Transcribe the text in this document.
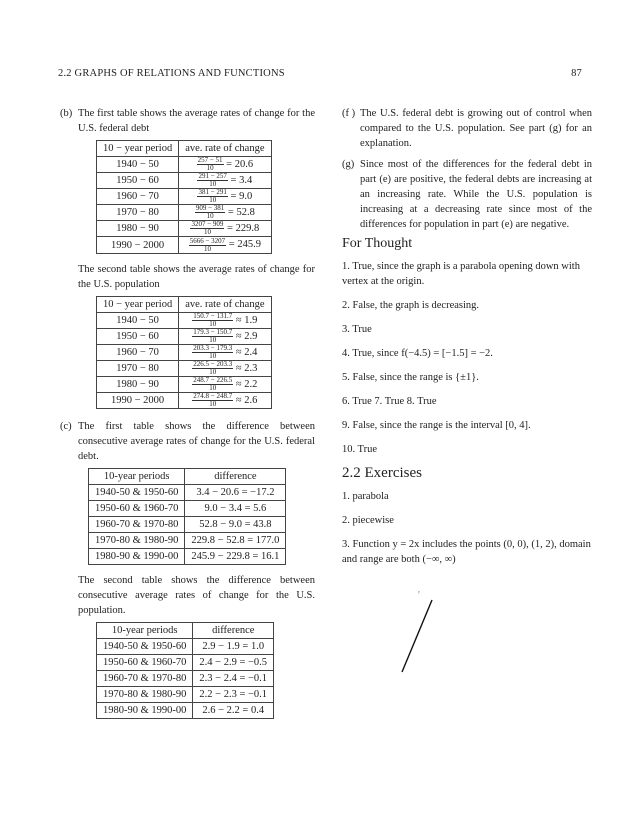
2.2 GRAPHS OF RELATIONS AND FUNCTIONS	87
(b) The first table shows the average rates of change for the U.S. federal debt
10 − year period	ave. rate of change
1940 − 50	$\frac{257 - 51}{10} = 20.6$
1950 − 60	$\frac{291 - 257}{10} = 3.4$
1960 − 70	$\frac{381 - 291}{10} = 9.0$
1970 − 80	$\frac{909 - 381}{10} = 52.8$
1980 − 90	$\frac{3207 - 909}{10} = 229.8$
1990 − 2000	$\frac{5666 - 3207}{10} = 245.9$
The second table shows the average rates of change for the U.S. population
10 − year period	ave. rate of change
1940 − 50	$\frac{150.7 - 131.7}{10} \approx 1.9$
1950 − 60	$\frac{179.3 - 150.7}{10} \approx 2.9$
1960 − 70	$\frac{203.3 - 179.3}{10} \approx 2.4$
1970 − 80	$\frac{226.5 - 203.3}{10} \approx 2.3$
1980 − 90	$\frac{248.7 - 226.5}{10} \approx 2.2$
1990 − 2000	$\frac{274.8 - 248.7}{10} \approx 2.6$
(c) The first table shows the difference between consecutive average rates of change for the U.S. federal debt.
10-year periods	difference
1940-50 & 1950-60	3.4 − 20.6 = −17.2
1950-60 & 1960-70	9.0 − 3.4 = 5.6
1960-70 & 1970-80	52.8 − 9.0 = 43.8
1970-80 & 1980-90	229.8 − 52.8 = 177.0
1980-90 & 1990-00	245.9 − 229.8 = 16.1
The second table shows the difference between consecutive average rates of change for the U.S. population.
10-year periods	difference
1940-50 & 1950-60	2.9 − 1.9 = 1.0
1950-60 & 1960-70	2.4 − 2.9 = −0.5
1960-70 & 1970-80	2.3 − 2.4 = −0.1
1970-80 & 1980-90	2.2 − 2.3 = −0.1
1980-90 & 1990-00	2.6 − 2.2 = 0.4
(f ) The U.S. federal debt is growing out of control when compared to the U.S. population. See part (g) for an explanation.
(g) Since most of the differences for the federal debt in part (e) are positive, the federal debts are increasing at an increasing rate. While the U.S. population is increasing at a decreasing rate since most of the differences for population in part (e) are negative.
For Thought
1. True, since the graph is a parabola opening down with vertex at the origin.
2. False, the graph is decreasing.
3. True
4. True, since f(−4.5) = [−1.5] = −2.
5. False, since the range is {±1}.
6. True 7. True 8. True
9. False, since the range is the interval [0, 4].
10. True
2.2 Exercises
1. parabola
2. piecewise
3. Function y = 2x includes the points (0, 0), (1, 2), domain and range are both (−∞, ∞)
y
